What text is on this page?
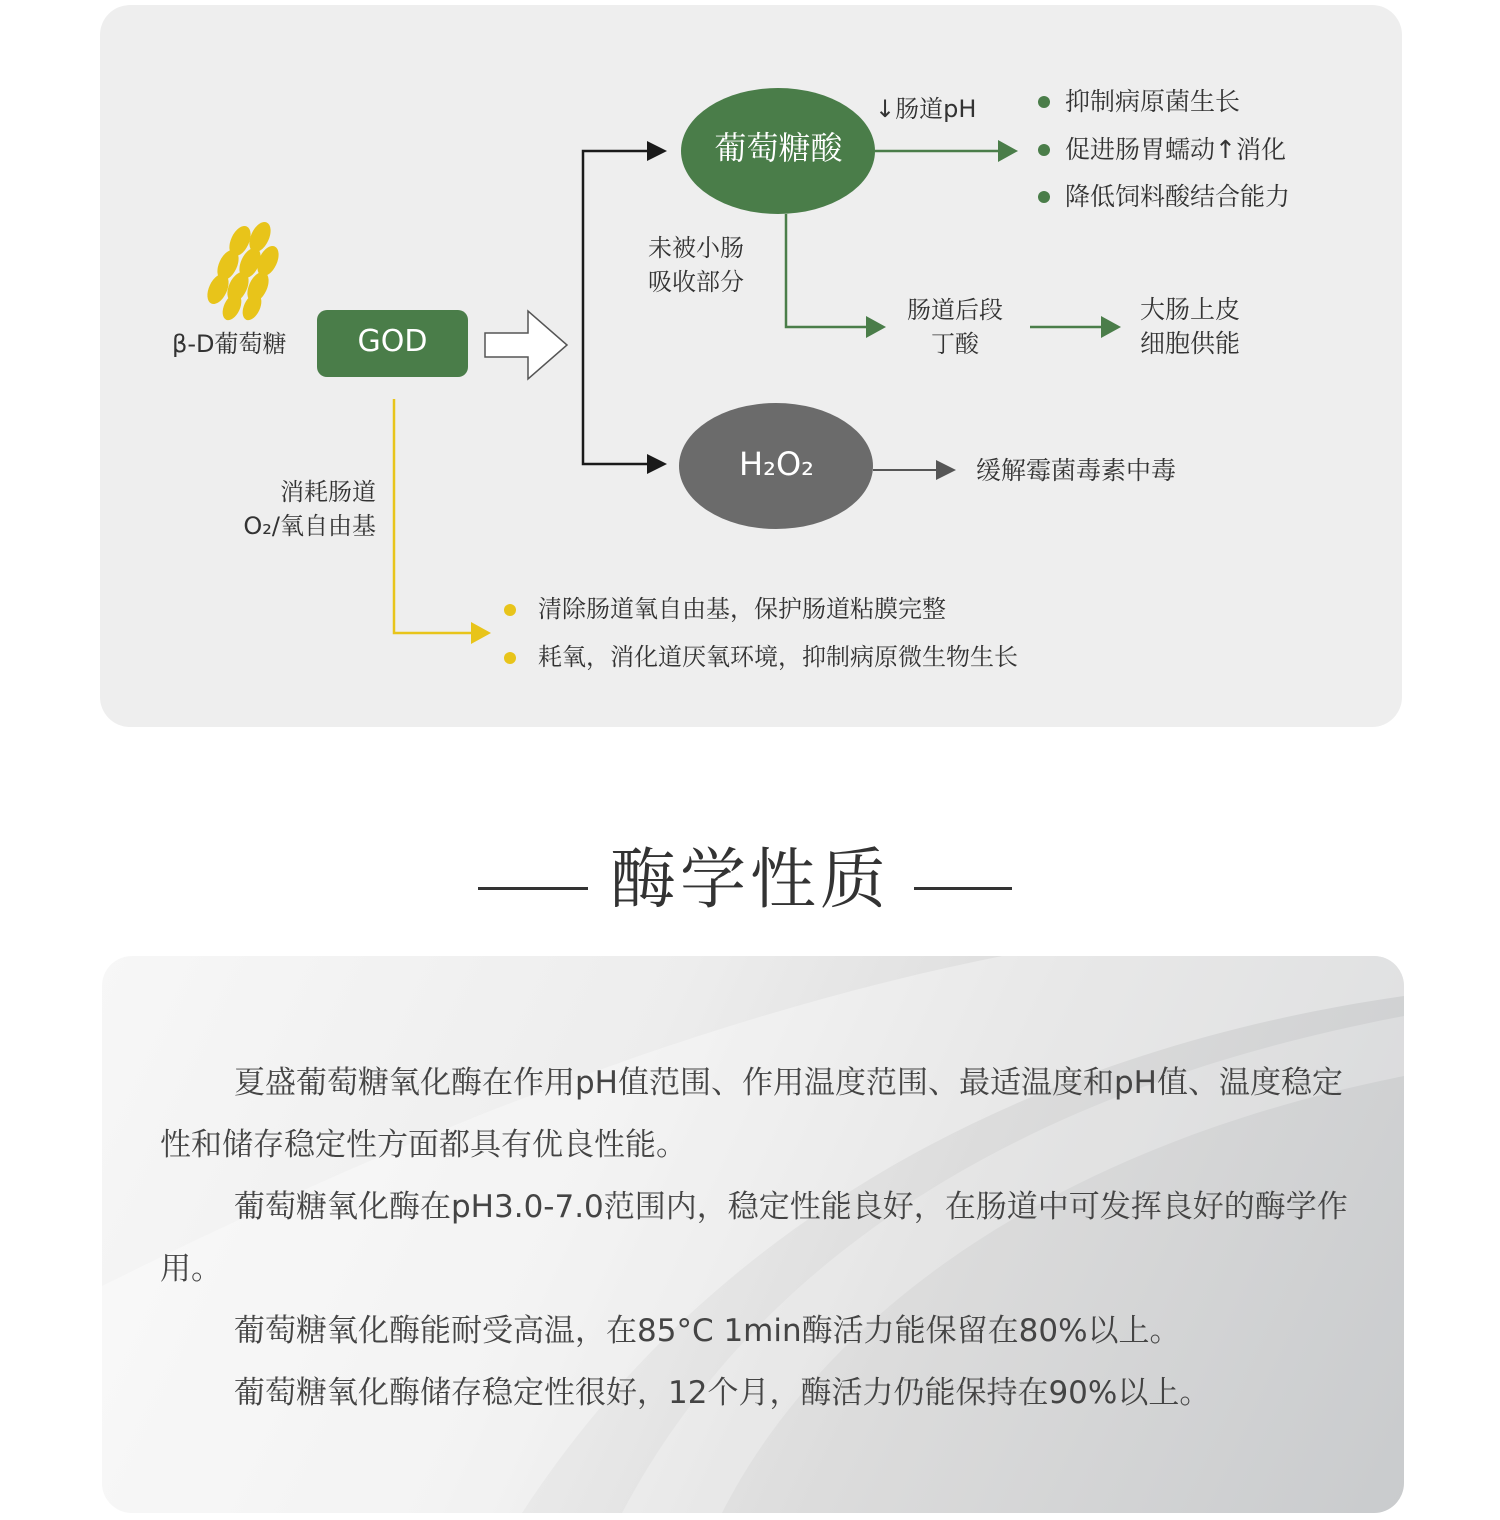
β-D葡萄糖	GOD
葡萄糖酸
↓肠道pH	抑制病原菌生长
促进肠胃蠕动↑消化
降低饲料酸结合能力
未被小肠
吸收部分
肠道后段
丁酸
大肠上皮
细胞供能
H₂O₂	缓解霉菌毒素中毒
消耗肠道
O₂/氧自由基
清除肠道氧自由基，保护肠道粘膜完整
耗氧，消化道厌氧环境，抑制病原微生物生长
酶学性质

夏盛葡萄糖氧化酶在作用pH值范围、作用温度范围、最适温度和pH值、温度稳定性和储存稳定性方面都具有优良性能。

葡萄糖氧化酶在pH3.0-7.0范围内，稳定性能良好，在肠道中可发挥良好的酶学作用。

葡萄糖氧化酶能耐受高温，在85°C 1min酶活力能保留在80%以上。

葡萄糖氧化酶储存稳定性很好，12个月，酶活力仍能保持在90%以上。
